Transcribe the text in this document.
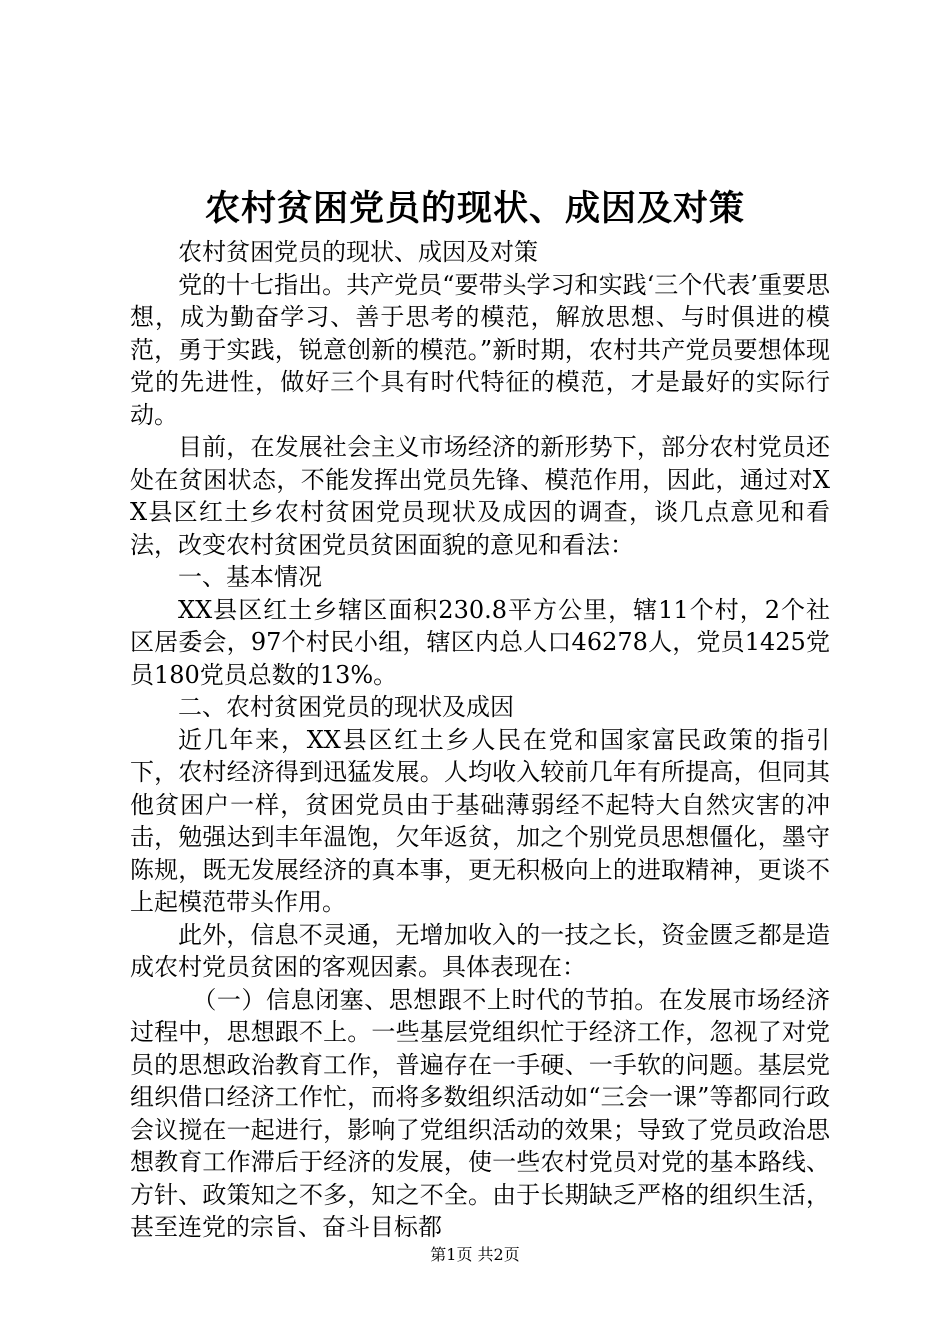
农村贫困党员的现状、成因及对策

农村贫困党员的现状、成因及对策

党的十七指出。共产党员“要带头学习和实践‘三个代表’重要思想，成为勤奋学习、善于思考的模范，解放思想、与时俱进的模范，勇于实践，锐意创新的模范。”新时期，农村共产党员要想体现党的先进性，做好三个具有时代特征的模范，才是最好的实际行动。

目前，在发展社会主义市场经济的新形势下，部分农村党员还处在贫困状态，不能发挥出党员先锋、模范作用，因此，通过对XX县区红土乡农村贫困党员现状及成因的调查，谈几点意见和看法，改变农村贫困党员贫困面貌的意见和看法：

一、基本情况

XX县区红土乡辖区面积230.8平方公里，辖11个村，2个社区居委会，97个村民小组，辖区内总人口46278人，党员1425党员180党员总数的13%。

二、农村贫困党员的现状及成因

近几年来，XX县区红土乡人民在党和国家富民政策的指引下，农村经济得到迅猛发展。人均收入较前几年有所提高，但同其他贫困户一样，贫困党员由于基础薄弱经不起特大自然灾害的冲击，勉强达到丰年温饱，欠年返贫，加之个别党员思想僵化，墨守陈规，既无发展经济的真本事，更无积极向上的进取精神，更谈不上起模范带头作用。

此外，信息不灵通，无增加收入的一技之长，资金匮乏都是造成农村党员贫困的客观因素。具体表现在：

（一）信息闭塞、思想跟不上时代的节拍。在发展市场经济过程中，思想跟不上。一些基层党组织忙于经济工作，忽视了对党员的思想政治教育工作，普遍存在一手硬、一手软的问题。基层党组织借口经济工作忙，而将多数组织活动如“三会一课”等都同行政会议搅在一起进行，影响了党组织活动的效果；导致了党员政治思想教育工作滞后于经济的发展，使一些农村党员对党的基本路线、方针、政策知之不多，知之不全。由于长期缺乏严格的组织生活，甚至连党的宗旨、奋斗目标都

第1页 共2页
